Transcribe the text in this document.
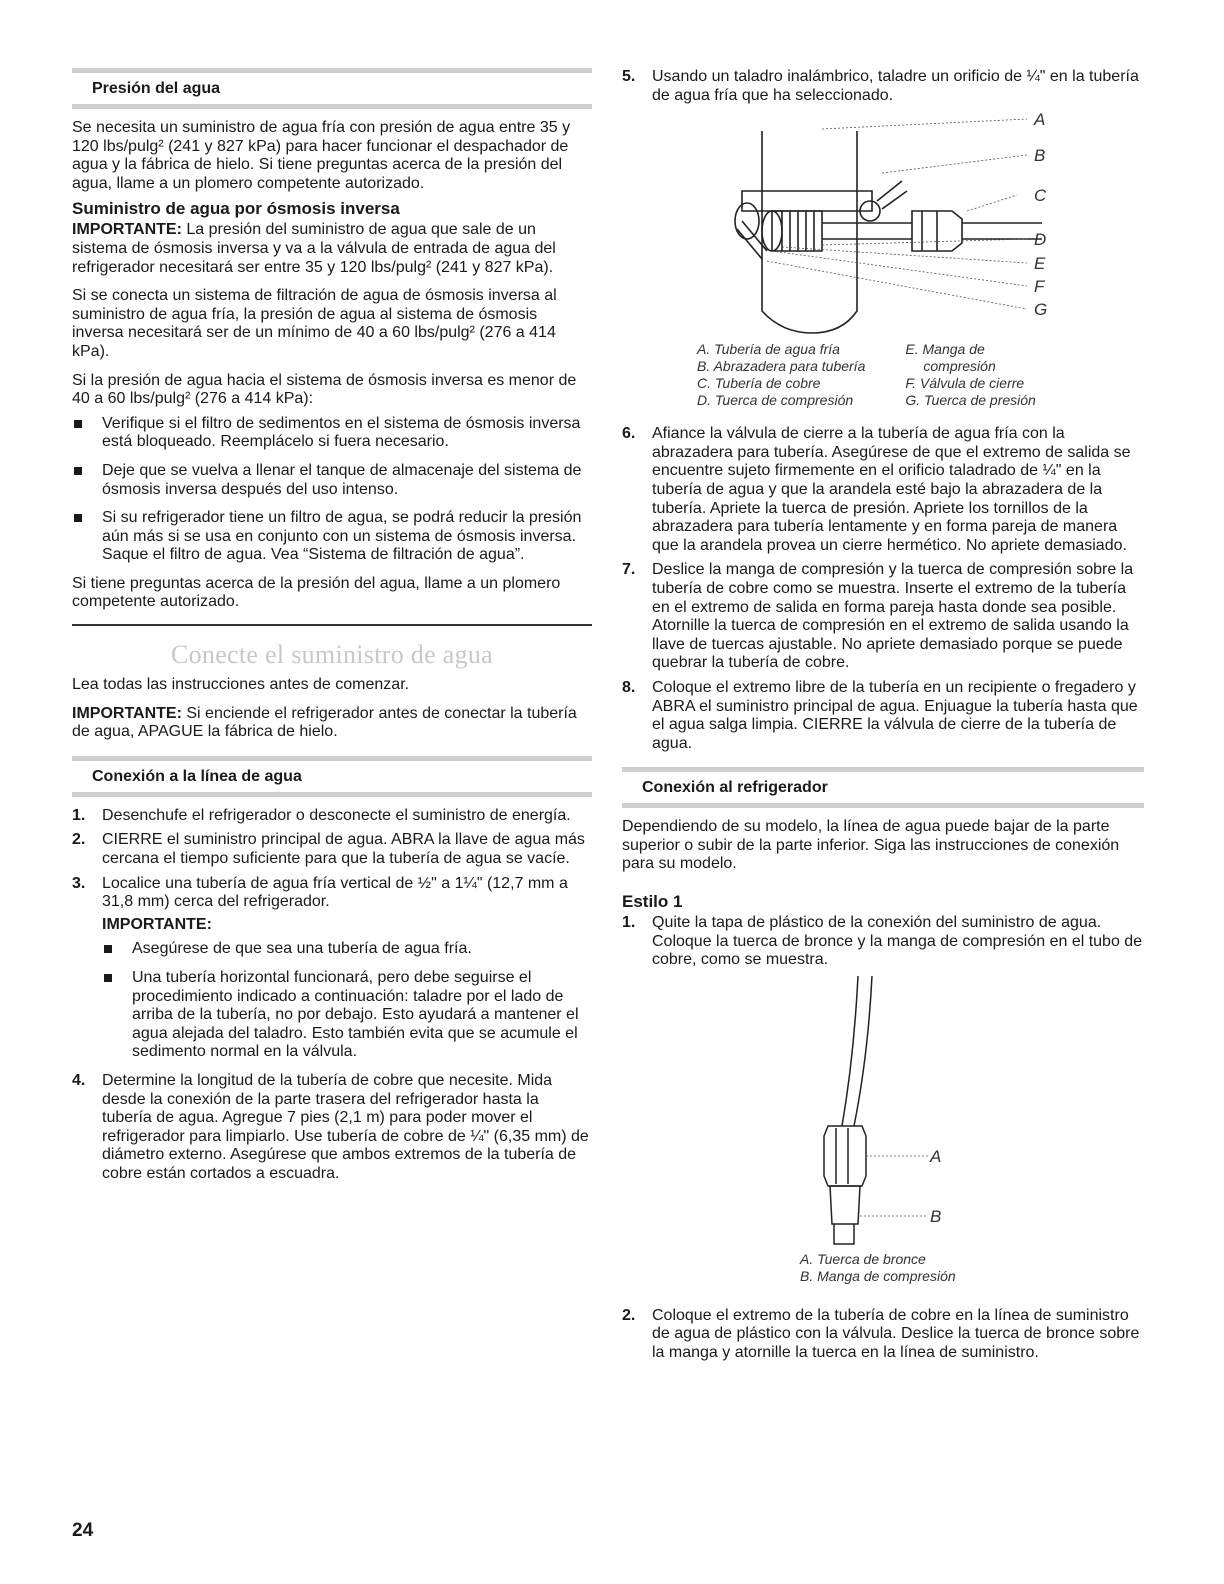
Presión del agua

Se necesita un suministro de agua fría con presión de agua entre 35 y 120 lbs/pulg² (241 y 827 kPa) para hacer funcionar el despachador de agua y la fábrica de hielo. Si tiene preguntas acerca de la presión del agua, llame a un plomero competente autorizado.

Suministro de agua por ósmosis inversa

IMPORTANTE: La presión del suministro de agua que sale de un sistema de ósmosis inversa y va a la válvula de entrada de agua del refrigerador necesitará ser entre 35 y 120 lbs/pulg² (241 y 827 kPa).

Si se conecta un sistema de filtración de agua de ósmosis inversa al suministro de agua fría, la presión de agua al sistema de ósmosis inversa necesitará ser de un mínimo de 40 a 60 lbs/pulg² (276 a 414 kPa).

Si la presión de agua hacia el sistema de ósmosis inversa es menor de 40 a 60 lbs/pulg² (276 a 414 kPa):

Verifique si el filtro de sedimentos en el sistema de ósmosis inversa está bloqueado. Reemplácelo si fuera necesario.
Deje que se vuelva a llenar el tanque de almacenaje del sistema de ósmosis inversa después del uso intenso.
Si su refrigerador tiene un filtro de agua, se podrá reducir la presión aún más si se usa en conjunto con un sistema de ósmosis inversa. Saque el filtro de agua. Vea “Sistema de filtración de agua”.

Si tiene preguntas acerca de la presión del agua, llame a un plomero competente autorizado.

Conecte el suministro de agua

Lea todas las instrucciones antes de comenzar.

IMPORTANTE: Si enciende el refrigerador antes de conectar la tubería de agua, APAGUE la fábrica de hielo.

Conexión a la línea de agua
1. Desenchufe el refrigerador o desconecte el suministro de energía.
2. CIERRE el suministro principal de agua. ABRA la llave de agua más cercana el tiempo suficiente para que la tubería de agua se vacíe.
3. Localice una tubería de agua fría vertical de ½" a 1¼" (12,7 mm a 31,8 mm) cerca del refrigerador.
IMPORTANTE:
Asegúrese de que sea una tubería de agua fría.
Una tubería horizontal funcionará, pero debe seguirse el procedimiento indicado a continuación: taladre por el lado de arriba de la tubería, no por debajo. Esto ayudará a mantener el agua alejada del taladro. Esto también evita que se acumule el sedimento normal en la válvula.
4. Determine la longitud de la tubería de cobre que necesite. Mida desde la conexión de la parte trasera del refrigerador hasta la tubería de agua. Agregue 7 pies (2,1 m) para poder mover el refrigerador para limpiarlo. Use tubería de cobre de ¼" (6,35 mm) de diámetro externo. Asegúrese que ambos extremos de la tubería de cobre están cortados a escuadra.
5. Usando un taladro inalámbrico, taladre un orificio de ¼" en la tubería de agua fría que ha seleccionado.
A
B
C
D
E
F
G
A. Tubería de agua fría
B. Abrazadera para tubería
C. Tubería de cobre
D. Tuerca de compresión
E. Manga de
compresión
F. Válvula de cierre
G. Tuerca de presión
6. Afiance la válvula de cierre a la tubería de agua fría con la abrazadera para tubería. Asegúrese de que el extremo de salida se encuentre sujeto firmemente en el orificio taladrado de ¼" en la tubería de agua y que la arandela esté bajo la abrazadera de la tubería. Apriete la tuerca de presión. Apriete los tornillos de la abrazadera para tubería lentamente y en forma pareja de manera que la arandela provea un cierre hermético. No apriete demasiado.
7. Deslice la manga de compresión y la tuerca de compresión sobre la tubería de cobre como se muestra. Inserte el extremo de la tubería en el extremo de salida en forma pareja hasta donde sea posible. Atornille la tuerca de compresión en el extremo de salida usando la llave de tuercas ajustable. No apriete demasiado porque se puede quebrar la tubería de cobre.
8. Coloque el extremo libre de la tubería en un recipiente o fregadero y ABRA el suministro principal de agua. Enjuague la tubería hasta que el agua salga limpia. CIERRE la válvula de cierre de la tubería de agua.
Conexión al refrigerador

Dependiendo de su modelo, la línea de agua puede bajar de la parte superior o subir de la parte inferior. Siga las instrucciones de conexión para su modelo.

Estilo 1
1. Quite la tapa de plástico de la conexión del suministro de agua. Coloque la tuerca de bronce y la manga de compresión en el tubo de cobre, como se muestra.
A
B
A. Tuerca de bronce
B. Manga de compresión
2. Coloque el extremo de la tubería de cobre en la línea de suministro de agua de plástico con la válvula. Deslice la tuerca de bronce sobre la manga y atornille la tuerca en la línea de suministro.
24
